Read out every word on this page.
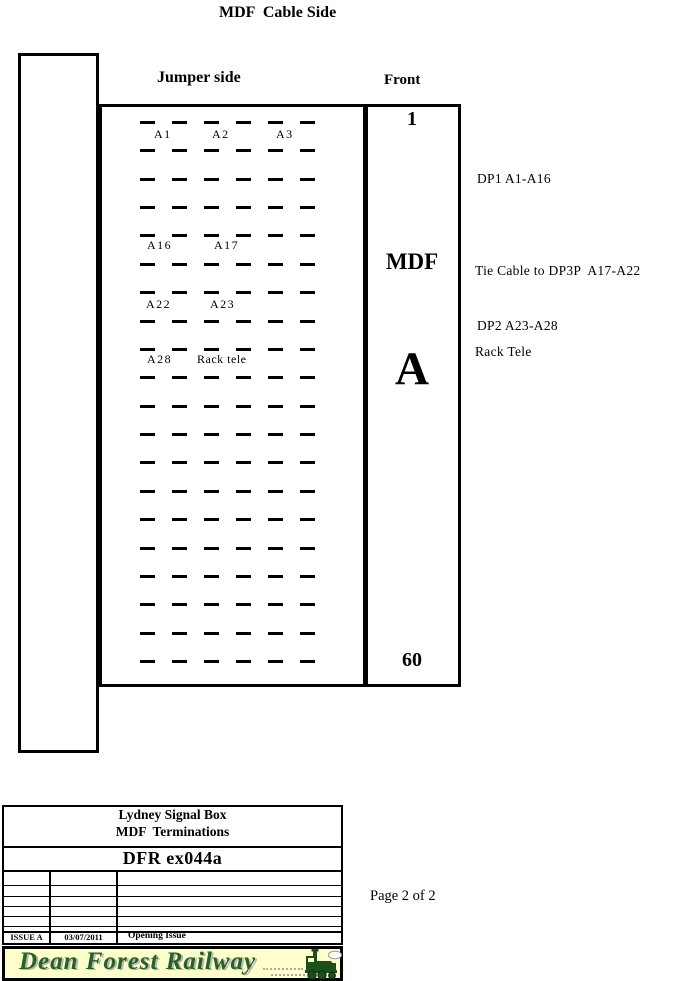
MDF  Cable Side
Jumper side	Front
A1	A2	A3
A16	A17
A22	A23
A28 Rack tele
1
MDF
A
60
DP1 A1-A16
Tie Cable to DP3P  A17-A22
DP2 A23-A28
Rack Tele
Page 2 of 2
Lydney Signal Box
MDF  Terminations
DFR ex044a
ISSUE A	03/07/2011	Opening Issue
Dean Forest Railway
